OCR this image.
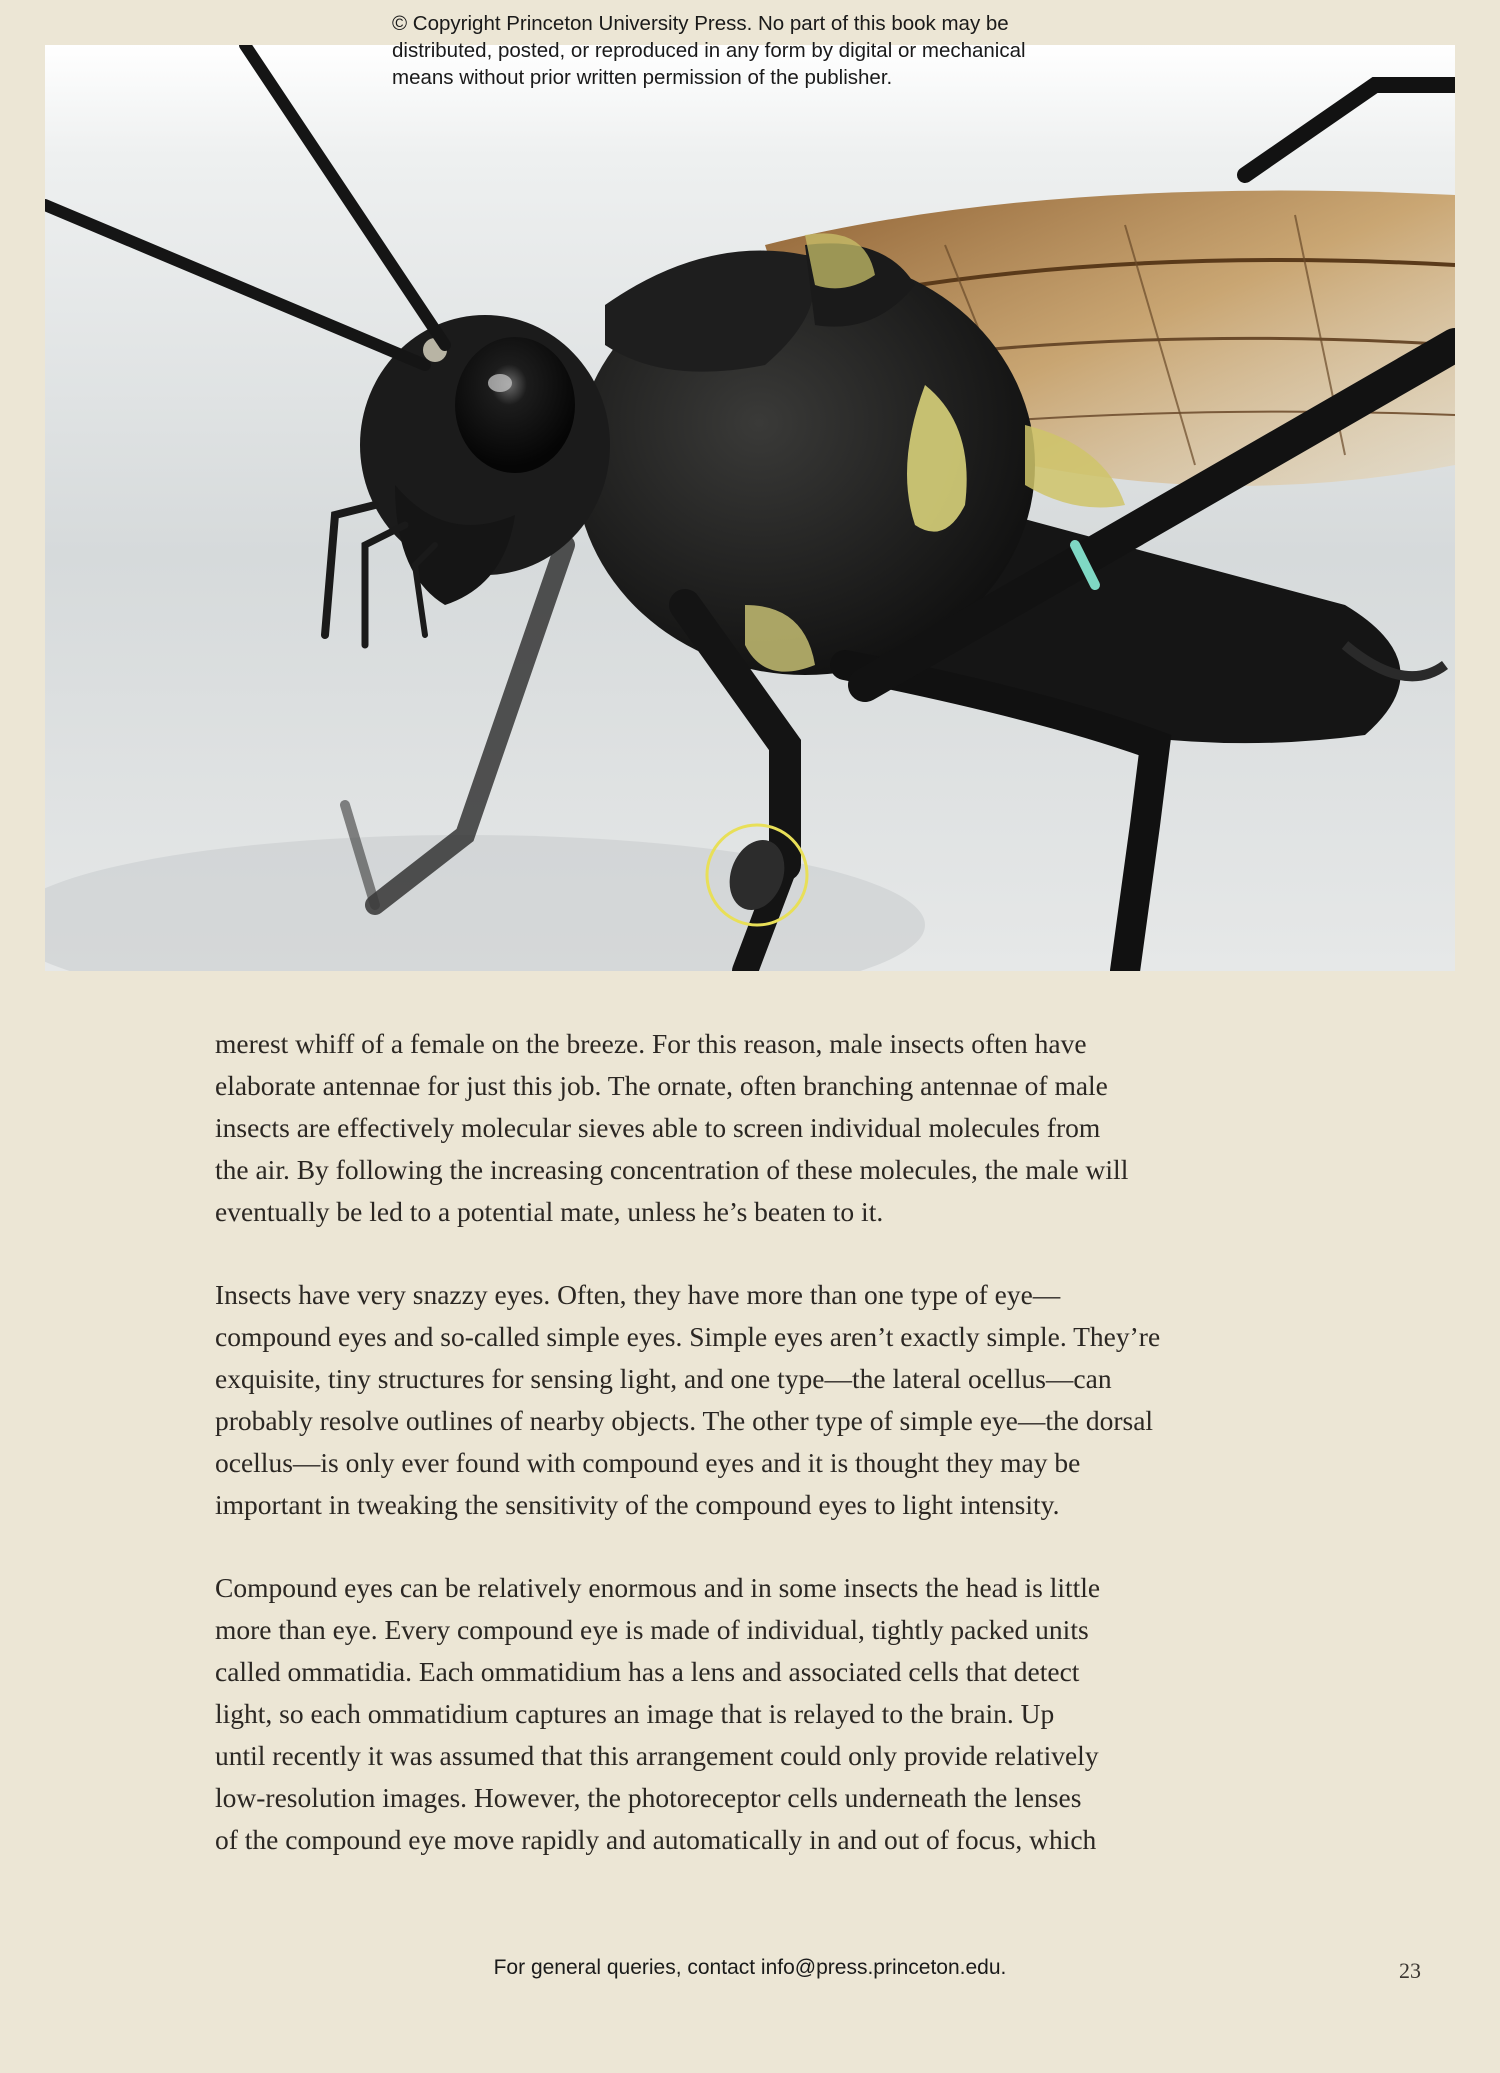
© Copyright Princeton University Press. No part of this book may be
distributed, posted, or reproduced in any form by digital or mechanical
means without prior written permission of the publisher.

merest whiff of a female on the breeze. For this reason, male insects often have
elaborate antennae for just this job. The ornate, often branching antennae of male
insects are effectively molecular sieves able to screen individual molecules from
the air. By following the increasing concentration of these molecules, the male will
eventually be led to a potential mate, unless he’s beaten to it.

Insects have very snazzy eyes. Often, they have more than one type of eye—
compound eyes and so-called simple eyes. Simple eyes aren’t exactly simple. They’re
exquisite, tiny structures for sensing light, and one type—the lateral ocellus—can
probably resolve outlines of nearby objects. The other type of simple eye—the dorsal
ocellus—is only ever found with compound eyes and it is thought they may be
important in tweaking the sensitivity of the compound eyes to light intensity.

Compound eyes can be relatively enormous and in some insects the head is little
more than eye. Every compound eye is made of individual, tightly packed units
called ommatidia. Each ommatidium has a lens and associated cells that detect
light, so each ommatidium captures an image that is relayed to the brain. Up
until recently it was assumed that this arrangement could only provide relatively
low-resolution images. However, the photoreceptor cells underneath the lenses
of the compound eye move rapidly and automatically in and out of focus, which

For general queries, contact info@press.princeton.edu.	23
